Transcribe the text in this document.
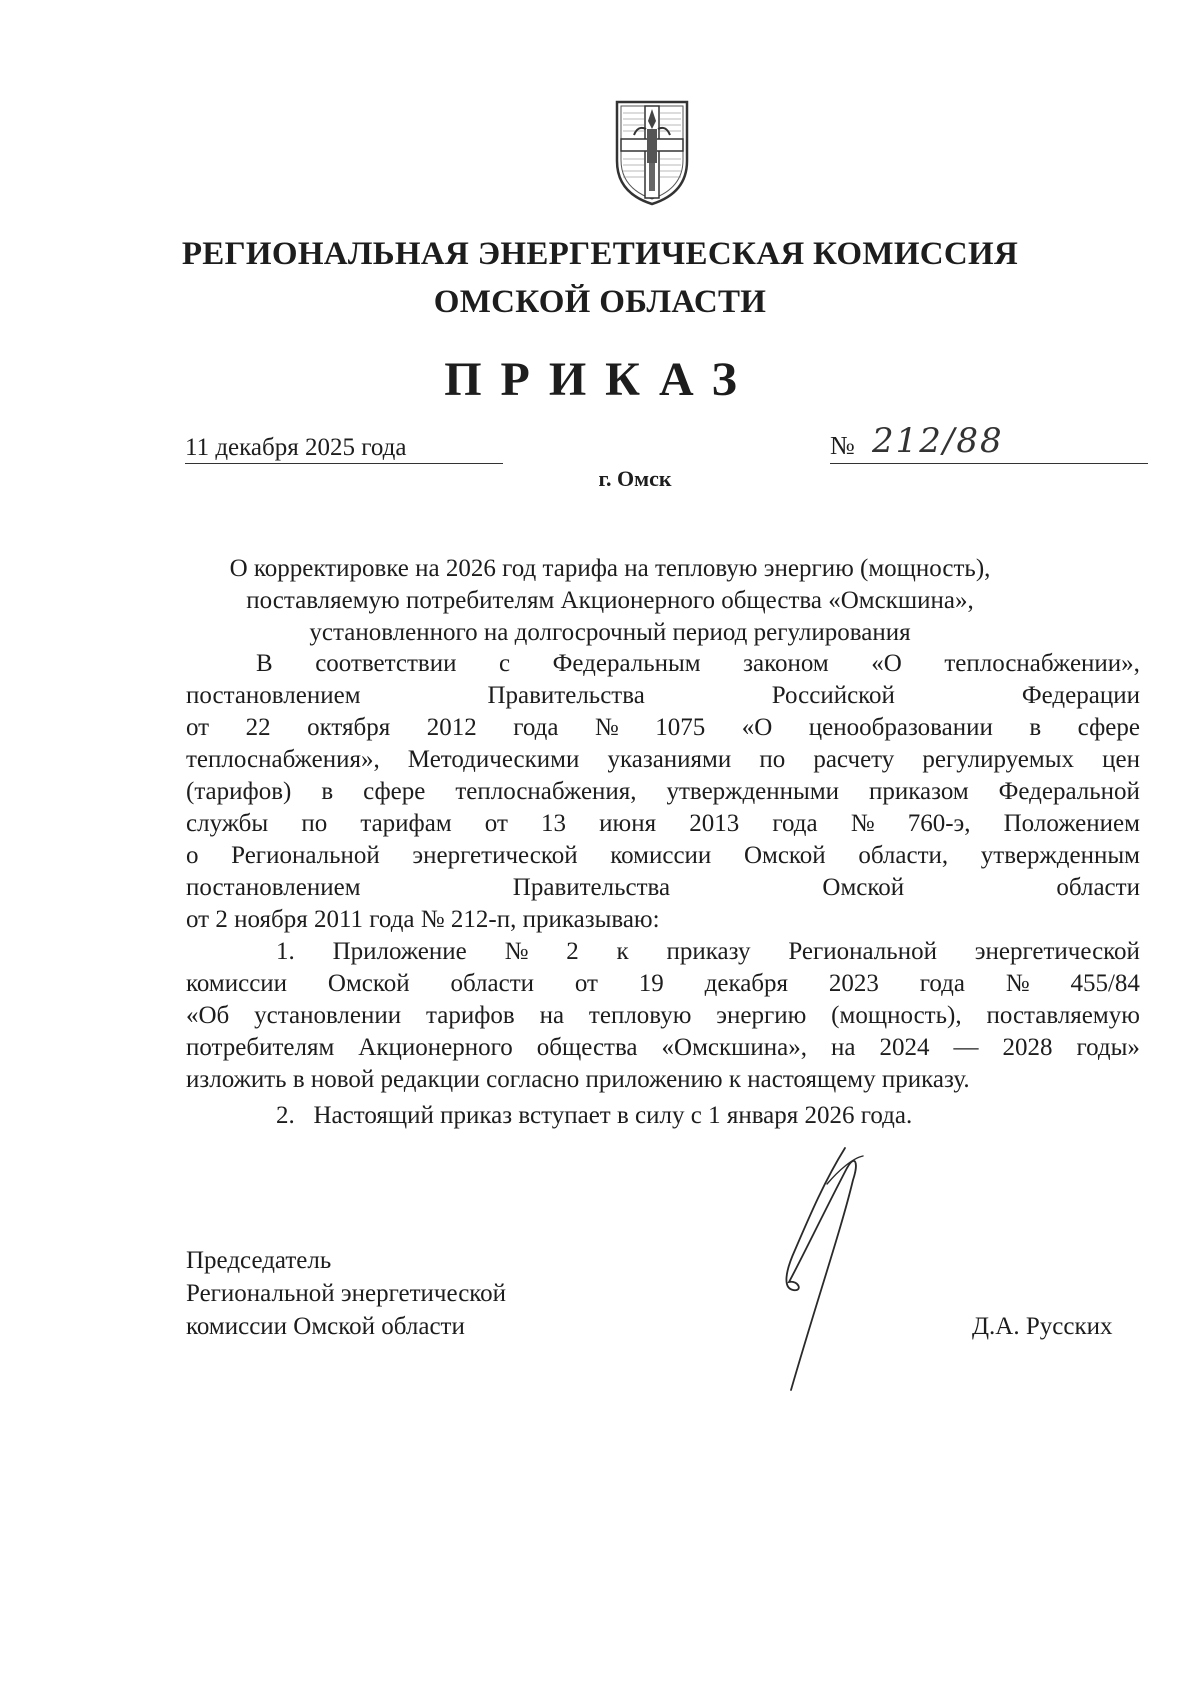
РЕГИОНАЛЬНАЯ ЭНЕРГЕТИЧЕСКАЯ КОМИССИЯ
ОМСКОЙ ОБЛАСТИ
ПРИКАЗ
11 декабря 2025 года	№ 212/88
г. Омск
О корректировке на 2026 год тарифа на тепловую энергию (мощность),
поставляемую потребителям Акционерного общества «Омскшина»,
установленного на долгосрочный период регулирования
В соответствии с Федеральным законом «О теплоснабжении»,
постановлением	Правительства	Российской	Федерации
от 22 октября 2012 года № 1075 «О ценообразовании в сфере
теплоснабжения», Методическими указаниями по расчету регулируемых цен
(тарифов) в сфере теплоснабжения, утвержденными приказом Федеральной
службы по тарифам от 13 июня 2013 года № 760-э, Положением
о Региональной энергетической комиссии Омской области, утвержденным
постановлением	Правительства	Омской	области
от 2 ноября 2011 года № 212-п, приказываю:
1. Приложение № 2 к приказу Региональной энергетической
комиссии Омской области от 19 декабря 2023 года № 455/84
«Об установлении тарифов на тепловую энергию (мощность), поставляемую
потребителям Акционерного общества «Омскшина», на 2024 — 2028 годы»
изложить в новой редакции согласно приложению к настоящему приказу.
2.   Настоящий приказ вступает в силу с 1 января 2026 года.
Председатель
Региональной энергетической
комиссии Омской области	Д.А. Русских
